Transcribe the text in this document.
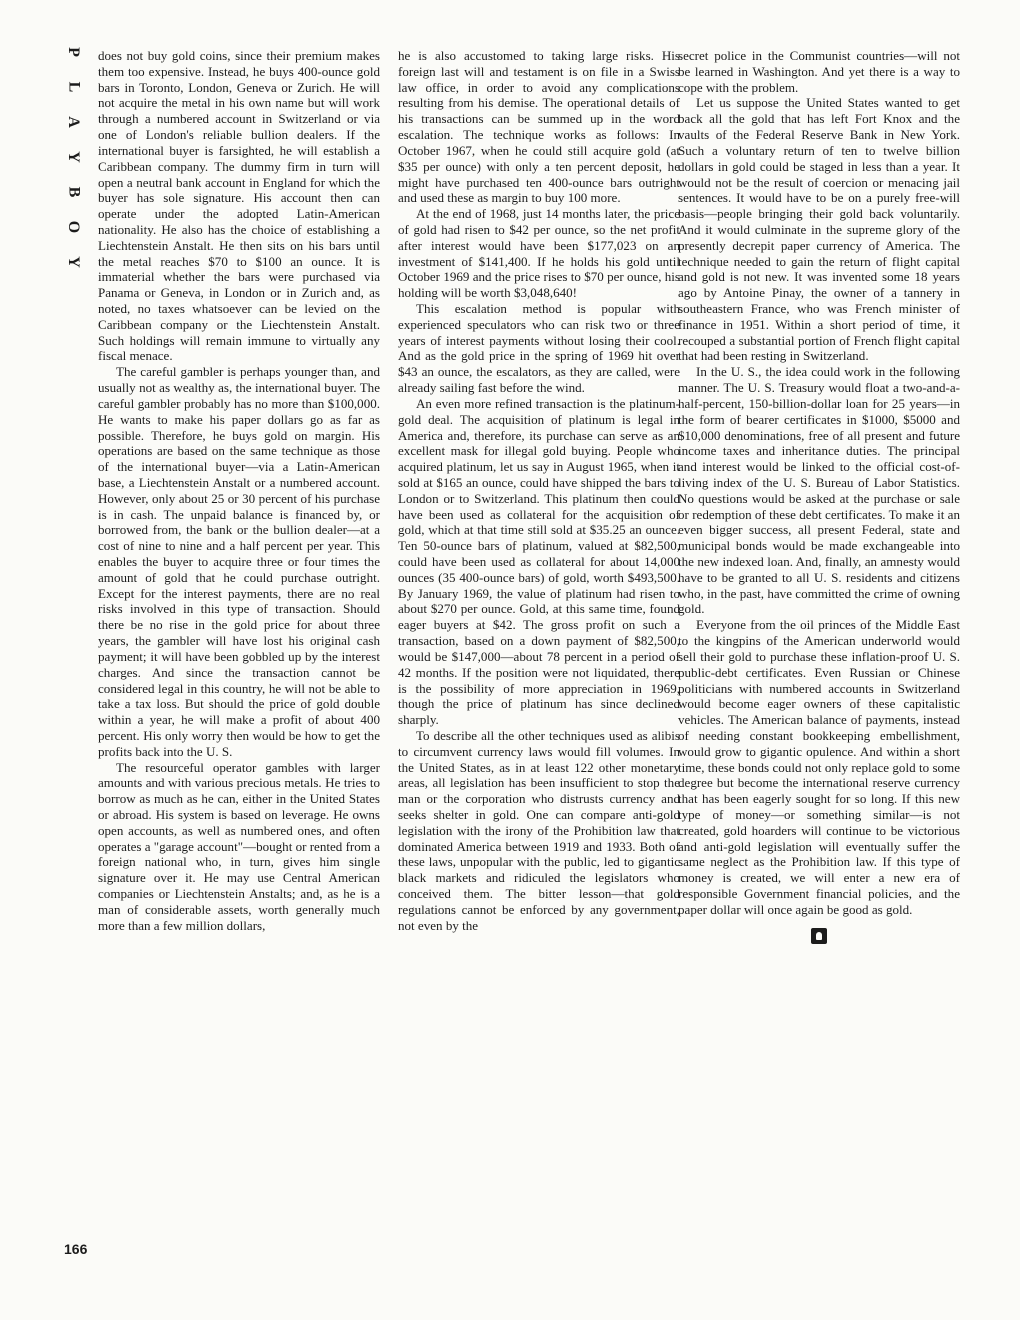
P
L
A
Y
B
O
Y
166

does not buy gold coins, since their premium makes them too expensive. Instead, he buys 400-ounce gold bars in Toronto, London, Geneva or Zurich. He will not acquire the metal in his own name but will work through a numbered account in Switzerland or via one of London's reliable bullion dealers. If the international buyer is farsighted, he will establish a Caribbean company. The dummy firm in turn will open a neutral bank account in England for which the buyer has sole signature. His account then can operate under the adopted Latin-American nationality. He also has the choice of establishing a Liechtenstein Anstalt. He then sits on his bars until the metal reaches $70 to $100 an ounce. It is immaterial whether the bars were purchased via Panama or Geneva, in London or in Zurich and, as noted, no taxes whatsoever can be levied on the Caribbean company or the Liechtenstein Anstalt. Such holdings will remain immune to virtually any fiscal menace.

The careful gambler is perhaps younger than, and usually not as wealthy as, the international buyer. The careful gambler probably has no more than $100,000. He wants to make his paper dollars go as far as possible. Therefore, he buys gold on margin. His operations are based on the same technique as those of the international buyer—via a Latin-American base, a Liechtenstein Anstalt or a numbered account. However, only about 25 or 30 percent of his purchase is in cash. The unpaid balance is financed by, or borrowed from, the bank or the bullion dealer—at a cost of nine to nine and a half percent per year. This enables the buyer to acquire three or four times the amount of gold that he could purchase outright. Except for the interest payments, there are no real risks involved in this type of transaction. Should there be no rise in the gold price for about three years, the gambler will have lost his original cash payment; it will have been gobbled up by the interest charges. And since the transaction cannot be considered legal in this country, he will not be able to take a tax loss. But should the price of gold double within a year, he will make a profit of about 400 percent. His only worry then would be how to get the profits back into the U. S.

The resourceful operator gambles with larger amounts and with various precious metals. He tries to borrow as much as he can, either in the United States or abroad. His system is based on leverage. He owns open accounts, as well as numbered ones, and often operates a "garage account"—bought or rented from a foreign national who, in turn, gives him single signature over it. He may use Central American companies or Liechtenstein Anstalts; and, as he is a man of considerable assets, worth generally much more than a few million dollars,

he is also accustomed to taking large risks. His foreign last will and testament is on file in a Swiss law office, in order to avoid any complications resulting from his demise. The operational details of his transactions can be summed up in the word escalation. The technique works as follows: In October 1967, when he could still acquire gold (at $35 per ounce) with only a ten percent deposit, he might have purchased ten 400-ounce bars outright and used these as margin to buy 100 more.

At the end of 1968, just 14 months later, the price of gold had risen to $42 per ounce, so the net profit after interest would have been $177,023 on an investment of $141,400. If he holds his gold until October 1969 and the price rises to $70 per ounce, his holding will be worth $3,048,640!

This escalation method is popular with experienced speculators who can risk two or three years of interest payments without losing their cool. And as the gold price in the spring of 1969 hit over $43 an ounce, the escalators, as they are called, were already sailing fast before the wind.

An even more refined transaction is the platinum-gold deal. The acquisition of platinum is legal in America and, therefore, its purchase can serve as an excellent mask for illegal gold buying. People who acquired platinum, let us say in August 1965, when it sold at $165 an ounce, could have shipped the bars to London or to Switzerland. This platinum then could have been used as collateral for the acquisition of gold, which at that time still sold at $35.25 an ounce. Ten 50-ounce bars of platinum, valued at $82,500, could have been used as collateral for about 14,000 ounces (35 400-ounce bars) of gold, worth $493,500. By January 1969, the value of platinum had risen to about $270 per ounce. Gold, at this same time, found eager buyers at $42. The gross profit on such a transaction, based on a down payment of $82,500, would be $147,000—about 78 percent in a period of 42 months. If the position were not liquidated, there is the possibility of more appreciation in 1969, though the price of platinum has since declined sharply.

To describe all the other techniques used as alibis to circumvent currency laws would fill volumes. In the United States, as in at least 122 other monetary areas, all legislation has been insufficient to stop the man or the corporation who distrusts currency and seeks shelter in gold. One can compare anti-gold legislation with the irony of the Prohibition law that dominated America between 1919 and 1933. Both of these laws, unpopular with the public, led to gigantic black markets and ridiculed the legislators who conceived them. The bitter lesson—that gold regulations cannot be enforced by any government, not even by the

secret police in the Communist countries—will not be learned in Washington. And yet there is a way to cope with the problem.

Let us suppose the United States wanted to get back all the gold that has left Fort Knox and the vaults of the Federal Reserve Bank in New York. Such a voluntary return of ten to twelve billion dollars in gold could be staged in less than a year. It would not be the result of coercion or menacing jail sentences. It would have to be on a purely free-will basis—people bringing their gold back voluntarily. And it would culminate in the supreme glory of the presently decrepit paper currency of America. The technique needed to gain the return of flight capital and gold is not new. It was invented some 18 years ago by Antoine Pinay, the owner of a tannery in southeastern France, who was French minister of finance in 1951. Within a short period of time, it recouped a substantial portion of French flight capital that had been resting in Switzerland.

In the U. S., the idea could work in the following manner. The U. S. Treasury would float a two-and-a-half-percent, 150-billion-dollar loan for 25 years—in the form of bearer certificates in $1000, $5000 and $10,000 denominations, free of all present and future income taxes and inheritance duties. The principal and interest would be linked to the official cost-of-living index of the U. S. Bureau of Labor Statistics. No questions would be asked at the purchase or sale or redemption of these debt certificates. To make it an even bigger success, all present Federal, state and municipal bonds would be made exchangeable into the new indexed loan. And, finally, an amnesty would have to be granted to all U. S. residents and citizens who, in the past, have committed the crime of owning gold.

Everyone from the oil princes of the Middle East to the kingpins of the American underworld would sell their gold to purchase these inflation-proof U. S. public-debt certificates. Even Russian or Chinese politicians with numbered accounts in Switzerland would become eager owners of these capitalistic vehicles. The American balance of payments, instead of needing constant bookkeeping embellishment, would grow to gigantic opulence. And within a short time, these bonds could not only replace gold to some degree but become the international reserve currency that has been eagerly sought for so long. If this new type of money—or something similar—is not created, gold hoarders will continue to be victorious and anti-gold legislation will eventually suffer the same neglect as the Prohibition law. If this type of money is created, we will enter a new era of responsible Government financial policies, and the paper dollar will once again be good as gold.
